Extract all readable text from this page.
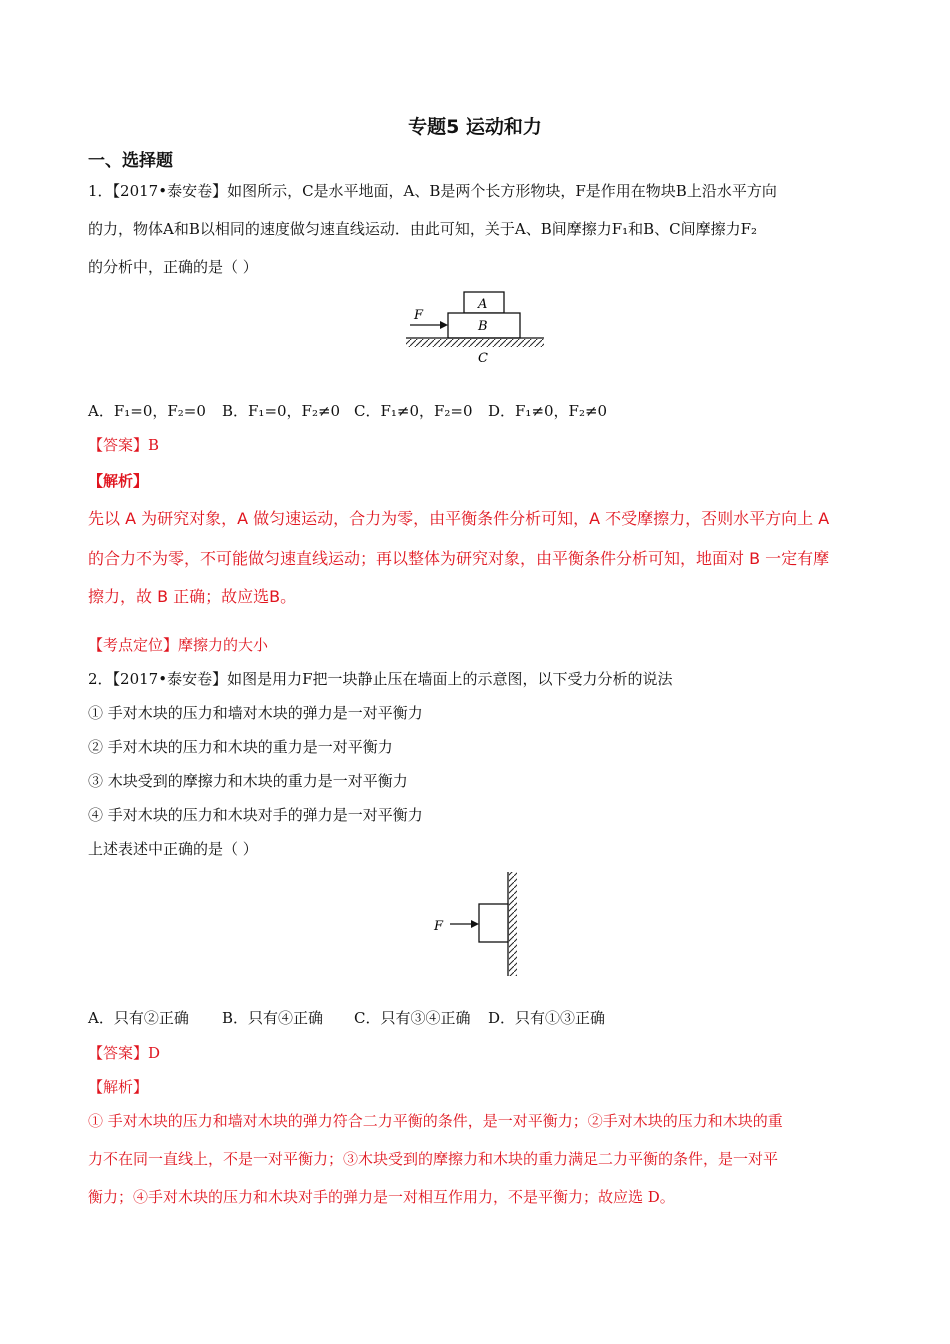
专题5 运动和力
一、选择题
1．【2017•泰安卷】如图所示，C是水平地面，A、B是两个长方形物块，F是作用在物块B上沿水平方向
的力，物体A和B以相同的速度做匀速直线运动．由此可知，关于A、B间摩擦力F₁和B、C间摩擦力F₂
的分析中，正确的是（ ）
A
B
C
F
A．F₁=0，F₂=0 B．F₁=0，F₂≠0 C．F₁≠0，F₂=0 D．F₁≠0，F₂≠0
【答案】B
【解析】
先以 A 为研究对象，A 做匀速运动，合力为零，由平衡条件分析可知，A 不受摩擦力，否则水平方向上 A
的合力不为零，不可能做匀速直线运动；再以整体为研究对象，由平衡条件分析可知，地面对 B 一定有摩
擦力，故 B 正确；故应选B。
【考点定位】摩擦力的大小
2．【2017•泰安卷】如图是用力F把一块静止压在墙面上的示意图，以下受力分析的说法
① 手对木块的压力和墙对木块的弹力是一对平衡力
② 手对木块的压力和木块的重力是一对平衡力
③ 木块受到的摩擦力和木块的重力是一对平衡力
④ 手对木块的压力和木块对手的弹力是一对平衡力
上述表述中正确的是（ ）
F
A．只有②正确 B．只有④正确 C．只有③④正确 D．只有①③正确
【答案】D
【解析】
① 手对木块的压力和墙对木块的弹力符合二力平衡的条件，是一对平衡力；②手对木块的压力和木块的重
力不在同一直线上，不是一对平衡力；③木块受到的摩擦力和木块的重力满足二力平衡的条件，是一对平
衡力；④手对木块的压力和木块对手的弹力是一对相互作用力，不是平衡力；故应选 D。
